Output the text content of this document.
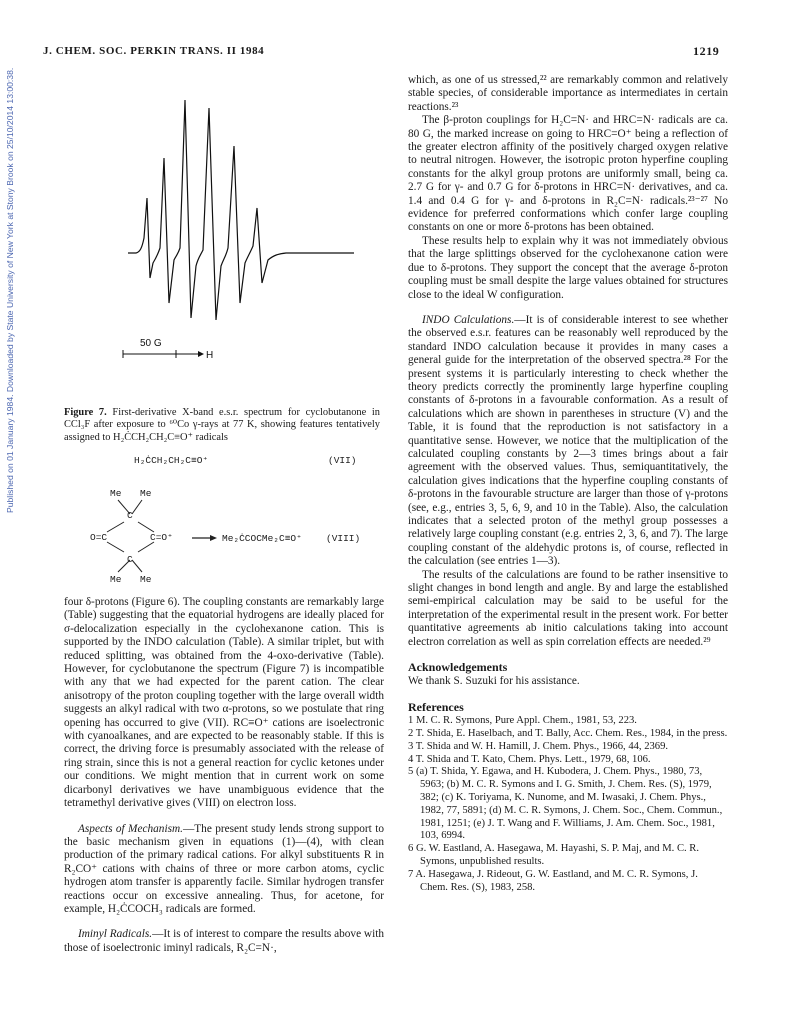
J. CHEM. SOC. PERKIN TRANS. II 1984	1219
Published on 01 January 1984. Downloaded by State University of New York at Stony Brook on 25/10/2014 13:00:38.	50 G
H
Figure 7. First-derivative X-band e.s.r. spectrum for cyclobutanone in CCl₃F after exposure to ⁶⁰Co γ-rays at 77 K, showing features tentatively assigned to H₂ĊCH₂CH₂C≡O⁺ radicals
H₂ĊCH₂CH₂C≡O⁺	(VII)
Me Me
C
O=C	C=O⁺
C
Me Me
Me₂ĊCOCMe₂C≡O⁺	(VIII)

four δ-protons (Figure 6). The coupling constants are remarkably large (Table) suggesting that the equatorial hydrogens are ideally placed for σ-delocalization especially in the cyclohexanone cation. This is supported by the INDO calculation (Table). A similar triplet, but with reduced splitting, was obtained from the 4-oxo-derivative (Table). However, for cyclobutanone the spectrum (Figure 7) is incompatible with any that we had expected for the parent cation. The clear anisotropy of the proton coupling together with the large overall width suggests an alkyl radical with two α-protons, so we postulate that ring opening has occurred to give (VII). RC≡O⁺ cations are isoelectronic with cyanoalkanes, and are expected to be reasonably stable. If this is correct, the driving force is presumably associated with the release of ring strain, since this is not a general reaction for cyclic ketones under our conditions. We might mention that in current work on some dicarbonyl derivatives we have unambiguous evidence that the tetramethyl derivative gives (VIII) on electron loss.

Aspects of Mechanism.—The present study lends strong support to the basic mechanism given in equations (1)—(4), with clean production of the primary radical cations. For alkyl substituents R in R₂CO⁺ cations with chains of three or more carbon atoms, cyclic hydrogen atom transfer is apparently facile. Similar hydrogen transfer reactions occur on excessive annealing. Thus, for acetone, for example, H₂ĊCOCH₃ radicals are formed.

Iminyl Radicals.—It is of interest to compare the results above with those of isoelectronic iminyl radicals, R₂C=N·,

which, as one of us stressed,²² are remarkably common and relatively stable species, of considerable importance as intermediates in certain reactions.²³

The β-proton couplings for H₂C=N· and HRC=N· radicals are ca. 80 G, the marked increase on going to HRC=O⁺ being a reflection of the greater electron affinity of the positively charged oxygen relative to neutral nitrogen. However, the isotropic proton hyperfine coupling constants for the alkyl group protons are uniformly small, being ca. 2.7 G for γ- and 0.7 G for δ-protons in HRC=N· derivatives, and ca. 1.4 and 0.4 G for γ- and δ-protons in R₂C=N· radicals.²³⁻²⁷ No evidence for preferred conformations which confer large coupling constants on one or more δ-protons has been obtained.

These results help to explain why it was not immediately obvious that the large splittings observed for the cyclohexanone cation were due to δ-protons. They support the concept that the average δ-proton coupling must be small despite the large values obtained for structures close to the ideal W configuration.

INDO Calculations.—It is of considerable interest to see whether the observed e.s.r. features can be reasonably well reproduced by the standard INDO calculation because it provides in many cases a general guide for the interpretation of the observed spectra.²⁸ For the present systems it is particularly interesting to check whether the theory predicts correctly the prominently large hyperfine coupling constants of δ-protons in a favourable conformation. As a result of calculations which are shown in parentheses in structure (V) and the Table, it is found that the reproduction is not satisfactory in a quantitative sense. However, we notice that the multiplication of the calculated coupling constants by 2—3 times brings about a fair agreement with the observed values. Thus, semiquantitatively, the calculation gives indications that the hyperfine coupling constants of δ-protons in the favourable structure are larger than those of γ-protons (see, e.g., entries 3, 5, 6, 9, and 10 in the Table). Also, the calculation indicates that a selected proton of the methyl group possesses a relatively large coupling constant (e.g. entries 2, 3, 6, and 7). The large coupling constant of the aldehydic protons is, of course, reflected in the calculation (see entries 1—3).

The results of the calculations are found to be rather insensitive to slight changes in bond length and angle. By and large the established semi-empirical calculation may be said to be useful for the interpretation of the experimental result in the present work. For better quantitative agreements ab initio calculations taking into account electron correlation as well as spin correlation effects are needed.²⁹

Acknowledgements

We thank S. Suzuki for his assistance.

References
1 M. C. R. Symons, Pure Appl. Chem., 1981, 53, 223.
2 T. Shida, E. Haselbach, and T. Bally, Acc. Chem. Res., 1984, in the press.
3 T. Shida and W. H. Hamill, J. Chem. Phys., 1966, 44, 2369.
4 T. Shida and T. Kato, Chem. Phys. Lett., 1979, 68, 106.
5 (a) T. Shida, Y. Egawa, and H. Kubodera, J. Chem. Phys., 1980, 73, 5963; (b) M. C. R. Symons and I. G. Smith, J. Chem. Res. (S), 1979, 382; (c) K. Toriyama, K. Nunome, and M. Iwasaki, J. Chem. Phys., 1982, 77, 5891; (d) M. C. R. Symons, J. Chem. Soc., Chem. Commun., 1981, 1251; (e) J. T. Wang and F. Williams, J. Am. Chem. Soc., 1981, 103, 6994.
6 G. W. Eastland, A. Hasegawa, M. Hayashi, S. P. Maj, and M. C. R. Symons, unpublished results.
7 A. Hasegawa, J. Rideout, G. W. Eastland, and M. C. R. Symons, J. Chem. Res. (S), 1983, 258.
